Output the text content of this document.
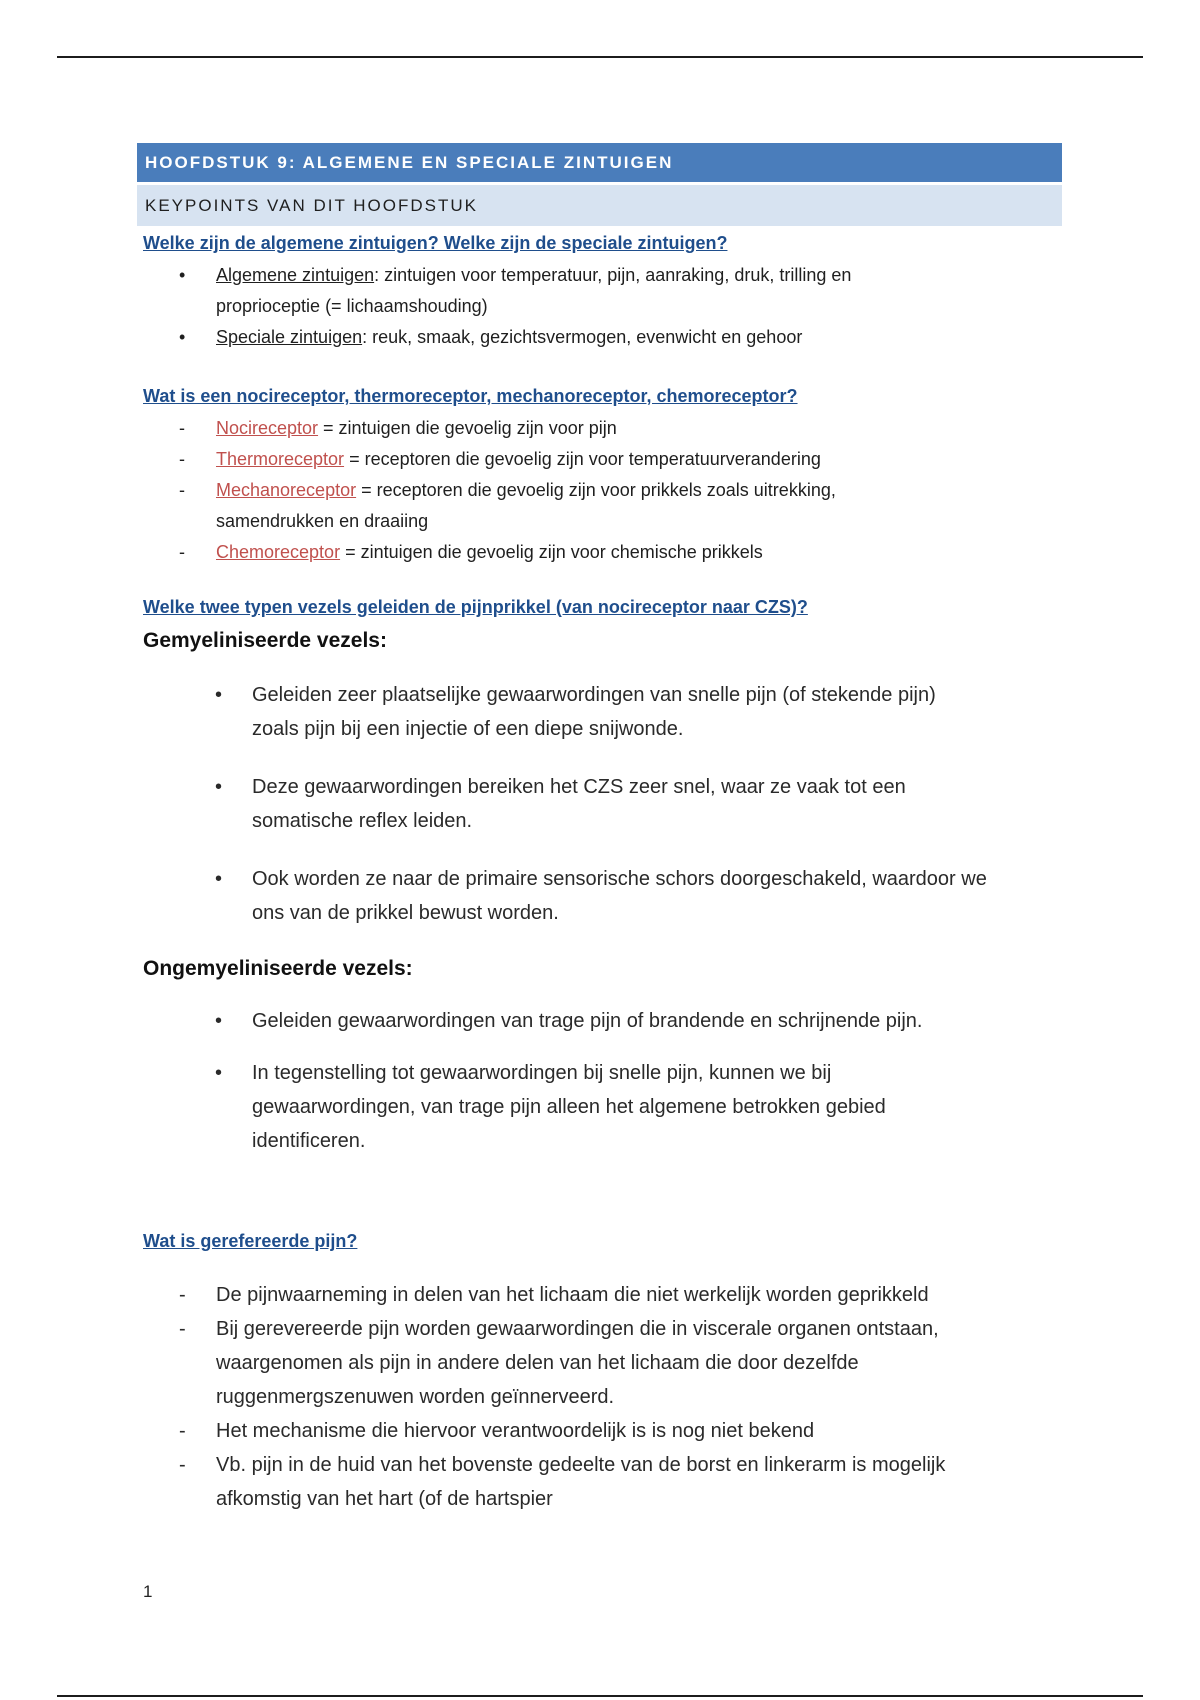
HOOFDSTUK 9: ALGEMENE EN SPECIALE ZINTUIGEN
KEYPOINTS VAN DIT HOOFDSTUK
Welke zijn de algemene zintuigen? Welke zijn de speciale zintuigen?
• Algemene zintuigen: zintuigen voor temperatuur, pijn, aanraking, druk, trilling en
proprioceptie (= lichaamshouding)
• Speciale zintuigen: reuk, smaak, gezichtsvermogen, evenwicht en gehoor
Wat is een nocireceptor, thermoreceptor, mechanoreceptor, chemoreceptor?
- Nocireceptor = zintuigen die gevoelig zijn voor pijn
- Thermoreceptor = receptoren die gevoelig zijn voor temperatuurverandering
- Mechanoreceptor = receptoren die gevoelig zijn voor prikkels zoals uitrekking,
samendrukken en draaiing
- Chemoreceptor = zintuigen die gevoelig zijn voor chemische prikkels
Welke twee typen vezels geleiden de pijnprikkel (van nocireceptor naar CZS)?
Gemyeliniseerde vezels:
• Geleiden zeer plaatselijke gewaarwordingen van snelle pijn (of stekende pijn)
zoals pijn bij een injectie of een diepe snijwonde.
• Deze gewaarwordingen bereiken het CZS zeer snel, waar ze vaak tot een
somatische reflex leiden.
• Ook worden ze naar de primaire sensorische schors doorgeschakeld, waardoor we
ons van de prikkel bewust worden.
Ongemyeliniseerde vezels:
• Geleiden gewaarwordingen van trage pijn of brandende en schrijnende pijn.
• In tegenstelling tot gewaarwordingen bij snelle pijn, kunnen we bij
gewaarwordingen, van trage pijn alleen het algemene betrokken gebied
identificeren.
Wat is gerefereerde pijn?
- De pijnwaarneming in delen van het lichaam die niet werkelijk worden geprikkeld
- Bij gerevereerde pijn worden gewaarwordingen die in viscerale organen ontstaan,
waargenomen als pijn in andere delen van het lichaam die door dezelfde
ruggenmergszenuwen worden geïnnerveerd.
- Het mechanisme die hiervoor verantwoordelijk is is nog niet bekend
- Vb. pijn in de huid van het bovenste gedeelte van de borst en linkerarm is mogelijk
afkomstig van het hart (of de hartspier
1
